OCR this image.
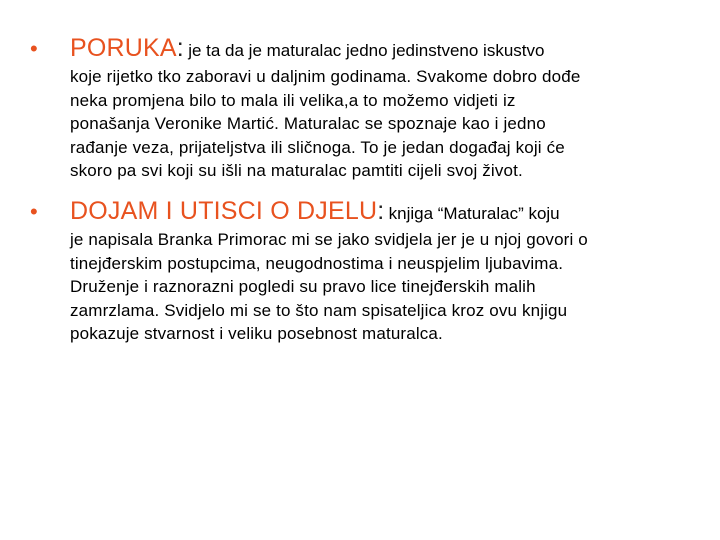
• PORUKA: je ta da je maturalac jedno jedinstveno iskustvo
koje rijetko tko zaboravi u daljnim godinama. Svakome dobro dođe
neka promjena bilo to mala ili velika,a to možemo vidjeti iz
ponašanja Veronike Martić. Maturalac se spoznaje kao i jedno
rađanje veza, prijateljstva ili sličnoga. To je jedan događaj koji će
skoro pa svi koji su išli na maturalac pamtiti cijeli svoj život.
• DOJAM I UTISCI O DJELU: knjiga “Maturalac” koju
je napisala Branka Primorac mi se jako svidjela jer je u njoj govori o
tinejđerskim postupcima, neugodnostima i neuspjelim ljubavima.
Druženje i raznorazni pogledi su pravo lice tinejđerskih malih
zamrzlama. Svidjelo mi se to što nam spisateljica kroz ovu knjigu
pokazuje stvarnost i veliku posebnost maturalca.
